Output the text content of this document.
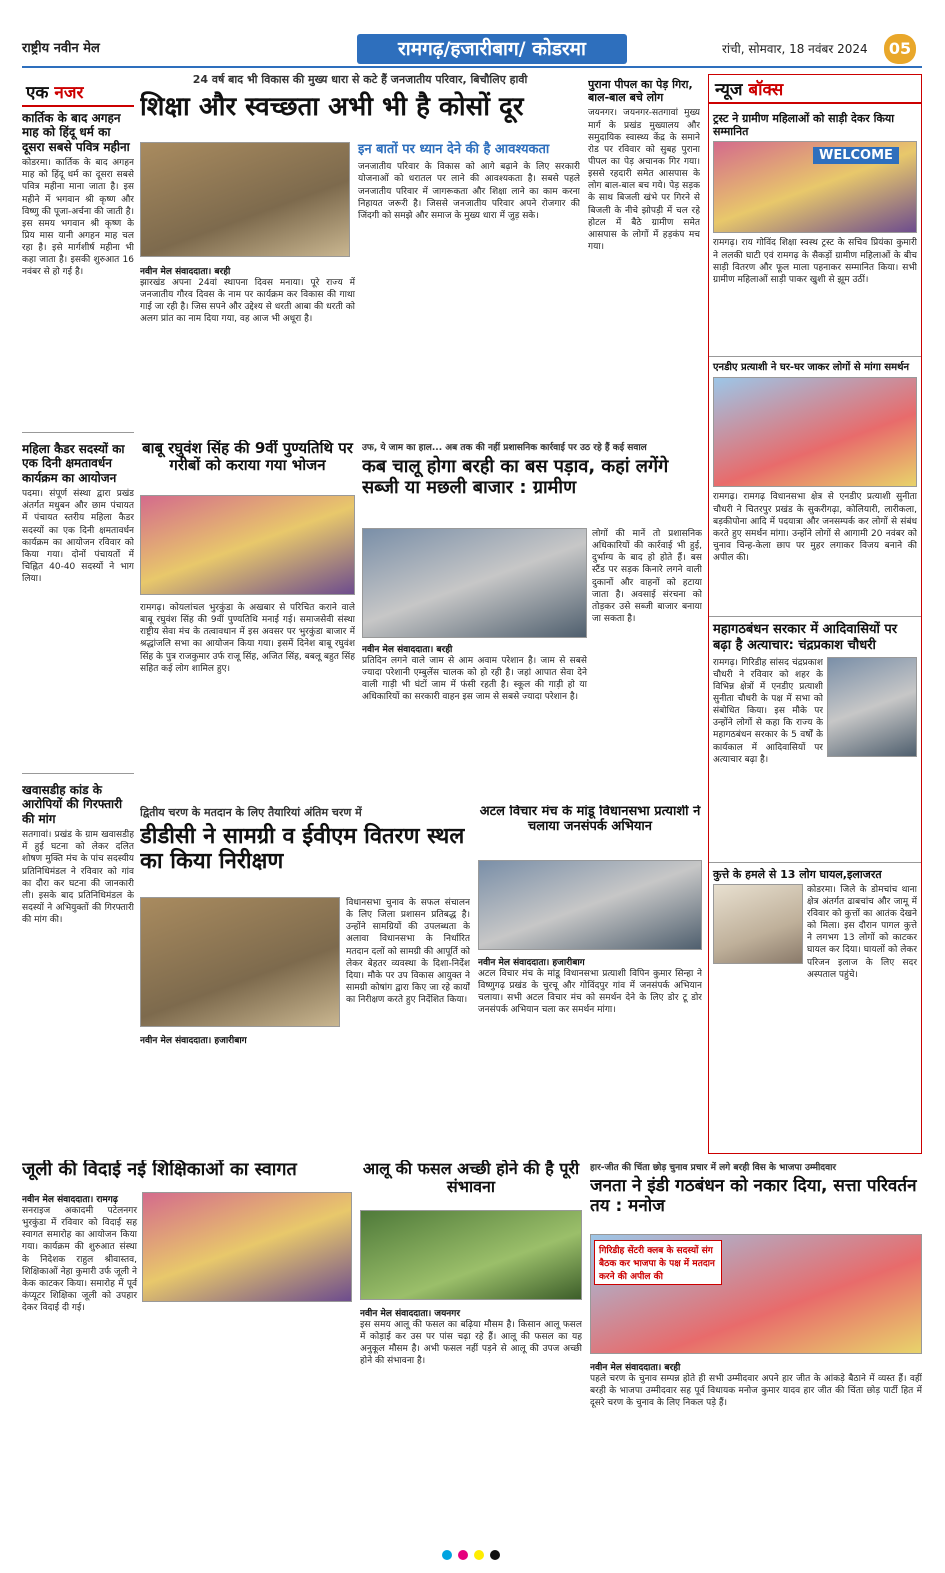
राष्ट्रीय नवीन मेल	रामगढ़/हजारीबाग/ कोडरमा	रांची, सोमवार, 18 नवंबर 2024	05
एक नजर
कार्तिक के बाद अगहन माह को हिंदू धर्म का दूसरा सबसे पवित्र महीना
कोडरमा। कार्तिक के बाद अगहन माह को हिंदू धर्म का दूसरा सबसे पवित्र महीना माना जाता है। इस महीने में भगवान श्री कृष्ण और विष्णु की पूजा-अर्चना की जाती है। इस समय भगवान श्री कृष्ण के प्रिय मास यानी अगहन माह चल रहा है। इसे मार्गशीर्ष महीना भी कहा जाता है। इसकी शुरुआत 16 नवंबर से हो गई है।
महिला कैडर सदस्यों का एक दिनी क्षमतावर्धन कार्यक्रम का आयोजन
पदमा। संपूर्ण संस्था द्वारा प्रखंड अंतर्गत मधुबन और छाम पंचायत में पंचायत स्तरीय महिला कैडर सदस्यों का एक दिनी क्षमतावर्धन कार्यक्रम का आयोजन रविवार को किया गया। दोनों पंचायतों में चिह्नित 40-40 सदस्यों ने भाग लिया।
खवासडीह कांड के आरोपियों की गिरफ्तारी की मांग
सतगावां। प्रखंड के ग्राम खवासडीह में हुई घटना को लेकर दलित शोषण मुक्ति मंच के पांच सदस्यीय प्रतिनिधिमंडल ने रविवार को गांव का दौरा कर घटना की जानकारी ली। इसके बाद प्रतिनिधिमंडल के सदस्यों ने अभियुक्तों की गिरफ्तारी की मांग की।
24 वर्ष बाद भी विकास की मुख्य धारा से कटे हैं जनजातीय परिवार, बिचौलिए हावी
शिक्षा और स्वच्छता अभी भी है कोसों दूर
इन बातों पर ध्यान देने की है आवश्यकता
जनजातीय परिवार के विकास को आगे बढ़ाने के लिए सरकारी योजनाओं को धरातल पर लाने की आवश्यकता है। सबसे पहले जनजातीय परिवार में जागरूकता और शिक्षा लाने का काम करना निहायत जरूरी है। जिससे जनजातीय परिवार अपने रोजगार की जिंदगी को समझे और समाज के मुख्य धारा में जुड़ सके।
नवीन मेल संवाददाता। बरही
झारखंड अपना 24वां स्थापना दिवस मनाया। पूरे राज्य में जनजातीय गौरव दिवस के नाम पर कार्यक्रम कर विकास की गाथा गाई जा रही है। जिस सपने और उद्देश्य से धरती आबा की धरती को अलग प्रांत का नाम दिया गया, वह आज भी अधूरा है।
पुराना पीपल का पेड़ गिरा, बाल-बाल बचे लोग
जयनगर। जयनगर-सतगावां मुख्य मार्ग के प्रखंड मुख्यालय और समुदायिक स्वास्थ्य केंद्र के समाने रोड पर रविवार को सुबह पुराना पीपल का पेड़ अचानक गिर गया। इससे रहदारी समेत आसपास के लोग बाल-बाल बच गये। पेड़ सड़क के साथ बिजली खंभे पर गिरने से बिजली के नीचे झोपड़ी में चल रहे होटल में बैठे ग्रामीण समेत आसपास के लोगों में हड़कंप मच गया।
न्यूज बॉक्स
ट्रस्ट ने ग्रामीण महिलाओं को साड़ी देकर किया सम्मानित
WELCOME
रामगढ़। राय गोविंद शिक्षा स्वस्थ ट्रस्ट के सचिव प्रियंका कुमारी ने ललकी घाटी एवं रामगढ़ के सैकड़ों ग्रामीण महिलाओं के बीच साड़ी वितरण और फूल माला पहनाकर सम्मानित किया। सभी ग्रामीण महिलाओं साड़ी पाकर खुशी से झूम उठीं।
एनडीए प्रत्याशी ने घर-घर जाकर लोगों से मांगा समर्थन
रामगढ़। रामगढ़ विधानसभा क्षेत्र से एनडीए प्रत्याशी सुनीता चौधरी ने चितरपुर प्रखंड के सुकरीगढ़ा, कोलियारी, लारीकला, बड़कीपोना आदि में पदयात्रा और जनसम्पर्क कर लोगों से संबंध करते हुए समर्थन मांगा। उन्होंने लोगों से आगामी 20 नवंबर को चुनाव चिन्ह-केला छाप पर मुहर लगाकर विजय बनाने की अपील की।
महागठबंधन सरकार में आदिवासियों पर बढ़ा है अत्याचार: चंद्रप्रकाश चौधरी
रामगढ़। गिरिडीह सांसद चंद्रप्रकाश चौधरी ने रविवार को शहर के विभिन्न क्षेत्रों में एनडीए प्रत्याशी सुनीता चौधरी के पक्ष में सभा को संबोधित किया। इस मौके पर उन्होंने लोगों से कहा कि राज्य के महागठबंधन सरकार के 5 वर्षों के कार्यकाल में आदिवासियों पर अत्याचार बढ़ा है।
कुत्ते के हमले से 13 लोग घायल,इलाजरत
कोडरमा। जिले के डोमचांच थाना क्षेत्र अंतर्गत ढाबचांच और जामू में रविवार को कुत्तों का आतंक देखने को मिला। इस दौरान पागल कुत्ते ने लगभग 13 लोगों को काटकर घायल कर दिया। घायलों को लेकर परिजन इलाज के लिए सदर अस्पताल पहुंचे।
बाबू रघुवंश सिंह की 9वीं पुण्यतिथि पर गरीबों को कराया गया भोजन
रामगढ़। कोयलांचल भुरकुंडा के अखबार से परिचित कराने वाले बाबू रघुवंश सिंह की 9वीं पुण्यतिथि मनाई गई। समाजसेवी संस्था राष्ट्रीय सेवा मंच के तत्वावधान में इस अवसर पर भुरकुंडा बाजार में श्रद्धांजलि सभा का आयोजन किया गया। इसमें दिनेश बाबू रघुवंश सिंह के पुत्र राजकुमार उर्फ राजू सिंह, अजित सिंह, बबलू बहुत सिंह सहित कई लोग शामिल हुए।
उफ, ये जाम का हाल... अब तक की नहीं प्रशासनिक कार्रवाई पर उठ रहे हैं कई सवाल
कब चालू होगा बरही का बस पड़ाव, कहां लगेंगे सब्जी या मछली बाजार : ग्रामीण
लोगों की मानें तो प्रशासनिक अधिकारियों की कार्रवाई भी हुई, दुर्भाग्य के बाद हो होते हैं। बस स्टैंड पर सड़क किनारे लगने वाली दुकानों और वाहनों को हटाया जाता है। अवसाई संरचना को तोड़कर उसे सब्जी बाजार बनाया जा सकता है।
नवीन मेल संवाददाता। बरही
प्रतिदिन लगने वाले जाम से आम अवाम परेशान है। जाम से सबसे ज्यादा परेशानी एम्बुलेंस चालक को हो रही है। जहां आपात सेवा देने वाली गाड़ी भी घंटों जाम में फंसी रहती है। स्कूल की गाड़ी हो या अधिकारियों का सरकारी वाहन इस जाम से सबसे ज्यादा परेशान है।
द्वितीय चरण के मतदान के लिए तैयारियां अंतिम चरण में
डीडीसी ने सामग्री व ईवीएम वितरण स्थल का किया निरीक्षण
विधानसभा चुनाव के सफल संचालन के लिए जिला प्रशासन प्रतिबद्ध है। उन्होंने सामग्रियों की उपलब्धता के अलावा विधानसभा के निर्धारित मतदान दलों को सामग्री की आपूर्ति को लेकर बेहतर व्यवस्था के दिशा-निर्देश दिया। मौके पर उप विकास आयुक्त ने सामग्री कोषांग द्वारा किए जा रहे कार्यों का निरीक्षण करते हुए निर्देशित किया।
नवीन मेल संवाददाता। हजारीबाग
अटल विचार मंच के मांडू विधानसभा प्रत्याशी ने चलाया जनसंपर्क अभियान
नवीन मेल संवाददाता। हजारीबाग
अटल विचार मंच के मांडू विधानसभा प्रत्याशी विपिन कुमार सिन्हा ने विष्णुगढ़ प्रखंड के चुरचू और गोविंदपुर गांव में जनसंपर्क अभियान चलाया। सभी अटल विचार मंच को समर्थन देने के लिए डोर टू डोर जनसंपर्क अभियान चला कर समर्थन मांगा।
जूली की विदाई नई शिक्षिकाओं का स्वागत
नवीन मेल संवाददाता। रामगढ़
सनराइज अकादमी पटेलनगर भुरकुंडा में रविवार को विदाई सह स्वागत समारोह का आयोजन किया गया। कार्यक्रम की शुरुआत संस्था के निदेशक राहुल श्रीवास्तव, शिक्षिकाओं नेहा कुमारी उर्फ जूली ने केक काटकर किया। समारोह में पूर्व कंप्यूटर शिक्षिका जूली को उपहार देकर विदाई दी गई।
आलू की फसल अच्छी होने की है पूरी संभावना
नवीन मेल संवाददाता। जयनगर
इस समय आलू की फसल का बढ़िया मौसम है। किसान आलू फसल में कोड़ाई कर उस पर पांस चढ़ा रहे हैं। आलू की फसल का यह अनुकूल मौसम है। अभी फसल नहीं पड़ने से आलू की उपज अच्छी होने की संभावना है।
हार-जीत की चिंता छोड़ चुनाव प्रचार में लगे बरही विस के भाजपा उम्मीदवार
जनता ने इंडी गठबंधन को नकार दिया, सत्ता परिवर्तन तय : मनोज
गिरिडीह सेंटरी क्लब के सदस्यों संग बैठक कर भाजपा के पक्ष में मतदान करने की अपील की
नवीन मेल संवाददाता। बरही
पहले चरण के चुनाव सम्पन्न होते ही सभी उम्मीदवार अपने हार जीत के आंकड़े बैठाने में व्यस्त हैं। वहीं बरही के भाजपा उम्मीदवार सह पूर्व विधायक मनोज कुमार यादव हार जीत की चिंता छोड़ पार्टी हित में दूसरे चरण के चुनाव के लिए निकल पड़े हैं।
